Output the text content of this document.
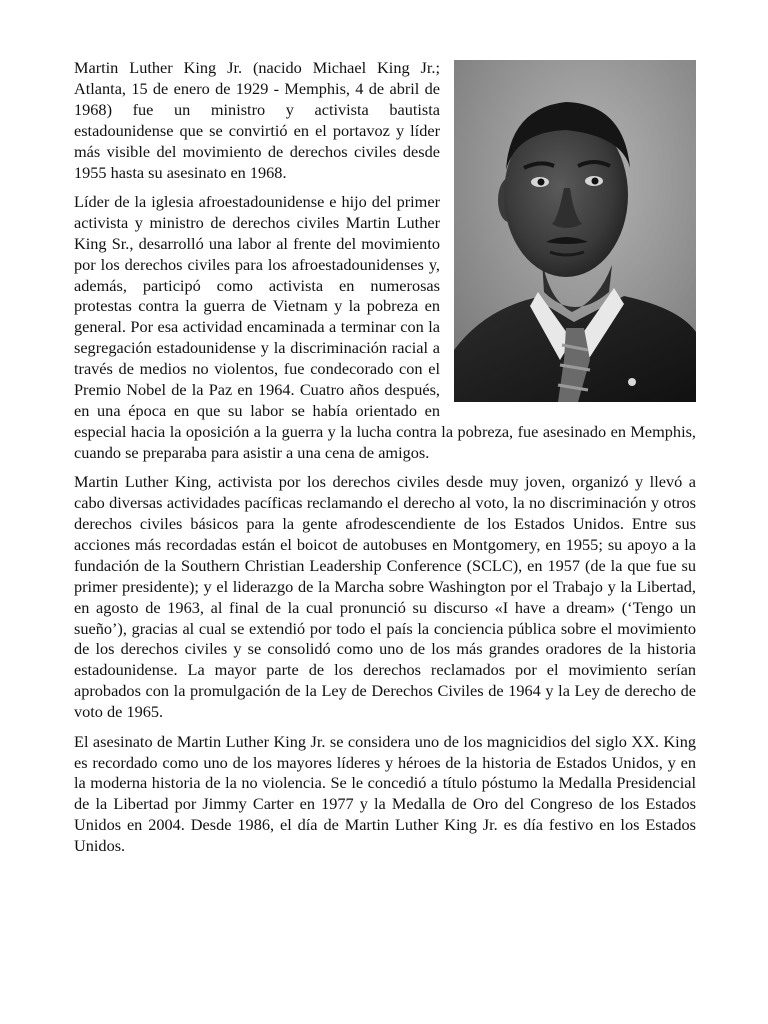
Martin Luther King Jr. (nacido Michael King Jr.; Atlanta, 15 de enero de 1929 - Memphis, 4 de abril de 1968) fue un ministro y activista bautista estadounidense que se convirtió en el portavoz y líder más visible del movimiento de derechos civiles desde 1955 hasta su asesinato en 1968.

Líder de la iglesia afroestadounidense e hijo del primer activista y ministro de derechos civiles Martin Luther King Sr., desarrolló una labor al frente del movimiento por los derechos civiles para los afroestadounidenses y, además, participó como activista en numerosas protestas contra la guerra de Vietnam y la pobreza en general. Por esa actividad encaminada a terminar con la segregación estadounidense y la discriminación racial a través de medios no violentos, fue condecorado con el Premio Nobel de la Paz en 1964. Cuatro años después, en una época en que su labor se había orientado en especial hacia la oposición a la guerra y la lucha contra la pobreza, fue asesinado en Memphis, cuando se preparaba para asistir a una cena de amigos.

Martin Luther King, activista por los derechos civiles desde muy joven, organizó y llevó a cabo diversas actividades pacíficas reclamando el derecho al voto, la no discriminación y otros derechos civiles básicos para la gente afrodescendiente de los Estados Unidos. Entre sus acciones más recordadas están el boicot de autobuses en Montgomery, en 1955; su apoyo a la fundación de la Southern Christian Leadership Conference (SCLC), en 1957 (de la que fue su primer presidente); y el liderazgo de la Marcha sobre Washington por el Trabajo y la Libertad, en agosto de 1963, al final de la cual pronunció su discurso «I have a dream» (‘Tengo un sueño’), gracias al cual se extendió por todo el país la conciencia pública sobre el movimiento de los derechos civiles y se consolidó como uno de los más grandes oradores de la historia estadounidense. La mayor parte de los derechos reclamados por el movimiento serían aprobados con la promulgación de la Ley de Derechos Civiles de 1964 y la Ley de derecho de voto de 1965.

El asesinato de Martin Luther King Jr. se considera uno de los magnicidios del siglo XX. King es recordado como uno de los mayores líderes y héroes de la historia de Estados Unidos, y en la moderna historia de la no violencia. Se le concedió a título póstumo la Medalla Presidencial de la Libertad por Jimmy Carter en 1977 y la Medalla de Oro del Congreso de los Estados Unidos en 2004. Desde 1986, el día de Martin Luther King Jr. es día festivo en los Estados Unidos.
